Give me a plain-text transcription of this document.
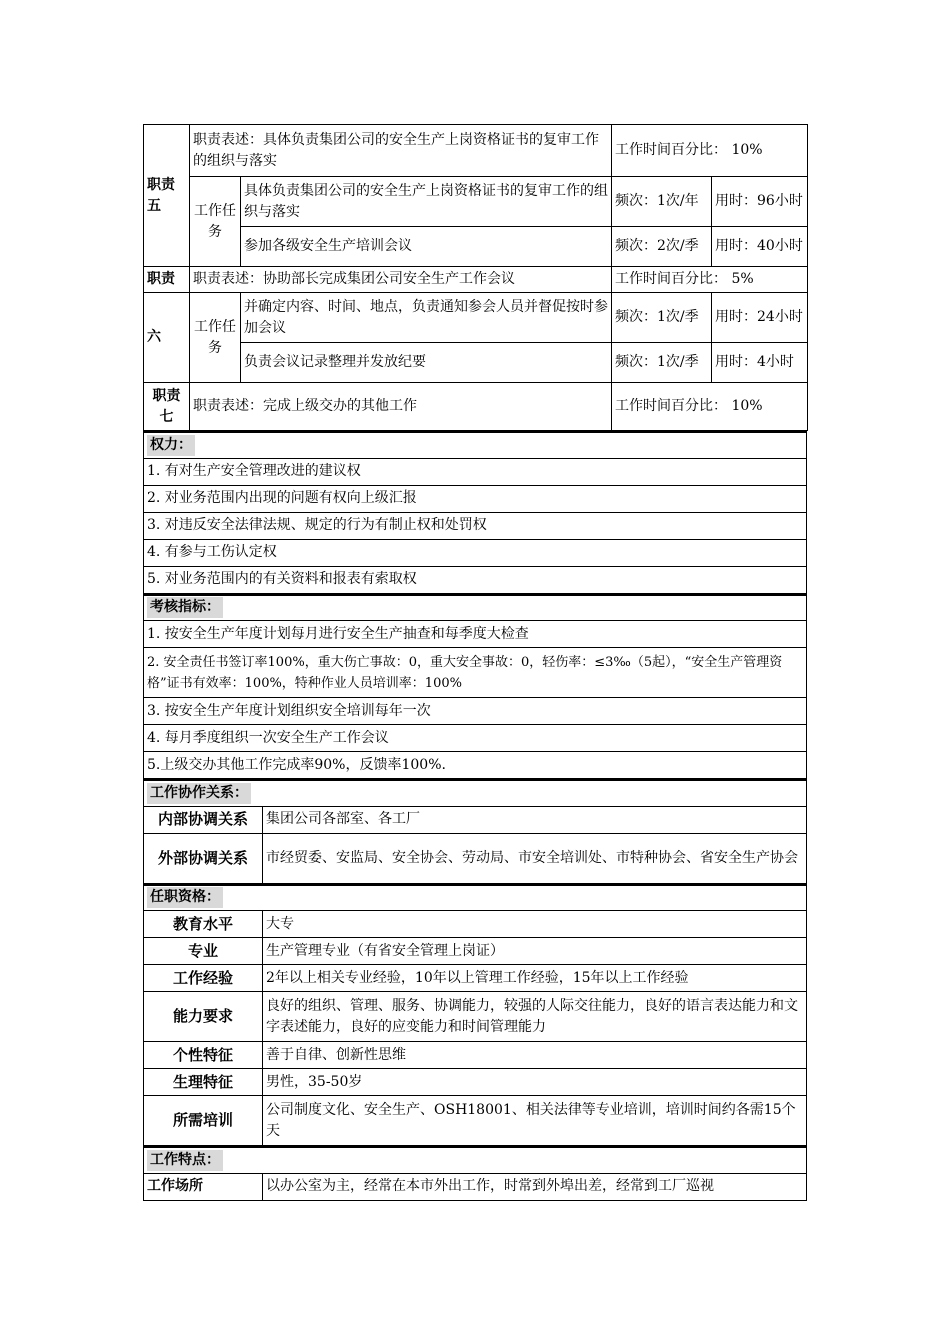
职责五	职责表述：具体负责集团公司的安全生产上岗资格证书的复审工作的组织与落实		工作时间百分比： 10%	
	工作任务	具体负责集团公司的安全生产上岗资格证书的复审工作的组织与落实	频次：1次/年	用时：96小时
		参加各级安全生产培训会议	频次：2次/季	用时：40小时
职责	职责表述：协助部长完成集团公司安全生产工作会议		工作时间百分比： 5%	
六	工作任务	并确定内容、时间、地点，负责通知参会人员并督促按时参加会议	频次：1次/季	用时：24小时
		负责会议记录整理并发放纪要	频次：1次/季	用时：4小时
职责七	职责表述：完成上级交办的其他工作		工作时间百分比： 10%	
权力：
1. 有对生产安全管理改进的建议权
2. 对业务范围内出现的问题有权向上级汇报
3. 对违反安全法律法规、规定的行为有制止权和处罚权
4. 有参与工伤认定权
5. 对业务范围内的有关资料和报表有索取权
考核指标：
1. 按安全生产年度计划每月进行安全生产抽查和每季度大检查
2. 安全责任书签订率100%，重大伤亡事故：0，重大安全事故：0，轻伤率：≤3‰（5起），“安全生产管理资格”证书有效率：100%，特种作业人员培训率：100%
3. 按安全生产年度计划组织安全培训每年一次
4. 每月季度组织一次安全生产工作会议
5.上级交办其他工作完成率90%，反馈率100%.
工作协作关系：	
内部协调关系	集团公司各部室、各工厂
外部协调关系	市经贸委、安监局、安全协会、劳动局、市安全培训处、市特种协会、省安全生产协会
任职资格：	
教育水平	大专
专业	生产管理专业（有省安全管理上岗证）
工作经验	2年以上相关专业经验，10年以上管理工作经验，15年以上工作经验
能力要求	良好的组织、管理、服务、协调能力，较强的人际交往能力，良好的语言表达能力和文字表述能力，良好的应变能力和时间管理能力
个性特征	善于自律、创新性思维
生理特征	男性，35-50岁
所需培训	公司制度文化、安全生产、OSH18001、相关法律等专业培训，培训时间约各需15个天
工作特点：
工作场所	以办公室为主，经常在本市外出工作，时常到外埠出差，经常到工厂巡视
